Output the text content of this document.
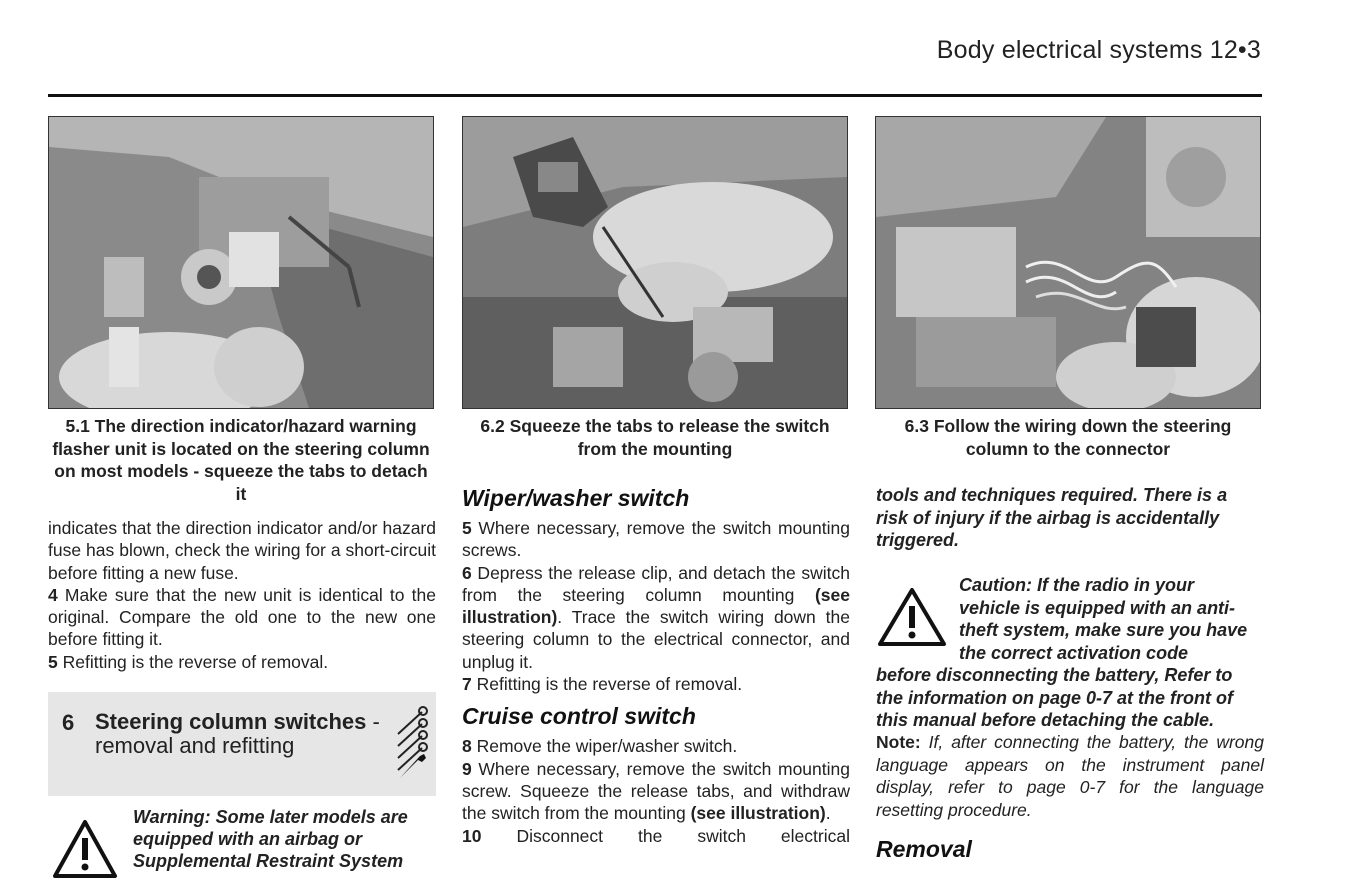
Body electrical systems 12•3
5.1 The direction indicator/hazard warning flasher unit is located on the steering column on most models - squeeze the tabs to detach it
6.2 Squeeze the tabs to release the switch from the mounting
6.3 Follow the wiring down the steering column to the connector

indicates that the direction indicator and/or hazard fuse has blown, check the wiring for a short-circuit before fitting a new fuse.

4 Make sure that the new unit is identical to the original. Compare the old one to the new one before fitting it.

5 Refitting is the reverse of removal.

6 Steering column switches -
removal and refitting
Warning: Some later models are equipped with an airbag or Supplemental Restraint System
Wiper/washer switch

5 Where necessary, remove the switch mounting screws.

6 Depress the release clip, and detach the switch from the steering column mounting (see illustration). Trace the switch wiring down the steering column to the electrical connector, and unplug it.

7 Refitting is the reverse of removal.

Cruise control switch

8 Remove the wiper/washer switch.

9 Where necessary, remove the switch mounting screw. Squeeze the release tabs, and withdraw the switch from the mounting (see illustration).

10 Disconnect the switch electrical

tools and techniques required. There is a risk of injury if the airbag is accidentally triggered.

Caution: If the radio in your
vehicle is equipped with an anti-
theft system, make sure you have
the correct activation code
before disconnecting the battery, Refer to the information on page 0-7 at the front of this manual before detaching the cable.

Note: If, after connecting the battery, the wrong language appears on the instrument panel display, refer to page 0-7 for the language resetting procedure.

Removal
